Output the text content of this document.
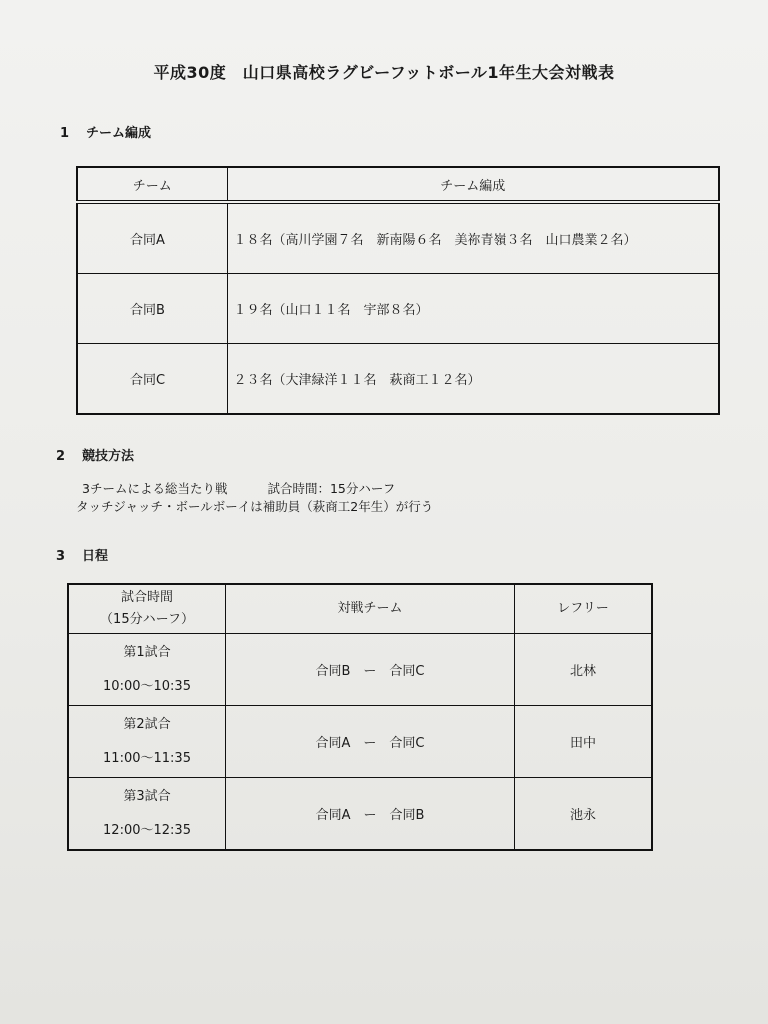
平成30度　山口県高校ラグビーフットボール1年生大会対戦表
1 チーム編成
チーム	チーム編成
合同A	１８名（高川学園７名　新南陽６名　美祢青嶺３名　山口農業２名）
合同B	１９名（山口１１名　宇部８名）
合同C	２３名（大津緑洋１１名　萩商工１２名）
2 競技方法
3チームによる総当たり戦	試合時間：15分ハーフ
タッチジャッチ・ボールボーイは補助員（萩商工2年生）が行う
3 日程
試合時間
（15分ハーフ）	対戦チーム	レフリー

第1試合
10:00～10:35	合同B　ー　合同C	北林

第2試合
11:00～11:35	合同A　ー　合同C	田中

第3試合
12:00～12:35	合同A　ー　合同B	池永
